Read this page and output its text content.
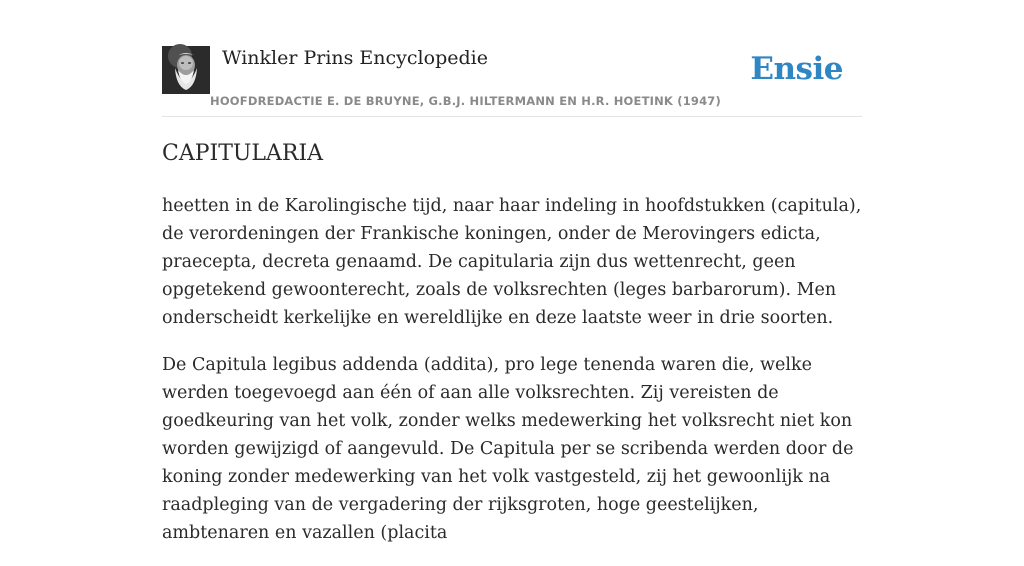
Winkler Prins Encyclopedie
HOOFDREDACTIE E. DE BRUYNE, G.B.J. HILTERMANN EN H.R. HOETINK (1947)
Ensie
CAPITULARIA

heetten in de Karolingische tijd, naar haar indeling in hoofdstukken (capitula), de verordeningen der Frankische koningen, onder de Merovingers edicta, praecepta, decreta genaamd. De capitularia zijn dus wettenrecht, geen opgetekend gewoonterecht, zoals de volksrechten (leges barbarorum). Men onderscheidt kerkelijke en wereldlijke en deze laatste weer in drie soorten.

De Capitula legibus addenda (addita), pro lege tenenda waren die, welke werden toegevoegd aan één of aan alle volksrechten. Zij vereisten de goedkeuring van het volk, zonder welks medewerking het volksrecht niet kon worden gewijzigd of aangevuld. De Capitula per se scribenda werden door de koning zonder medewerking van het volk vastgesteld, zij het gewoonlijk na raadpleging van de vergadering der rijksgroten, hoge geestelijken, ambtenaren en vazallen (placita
